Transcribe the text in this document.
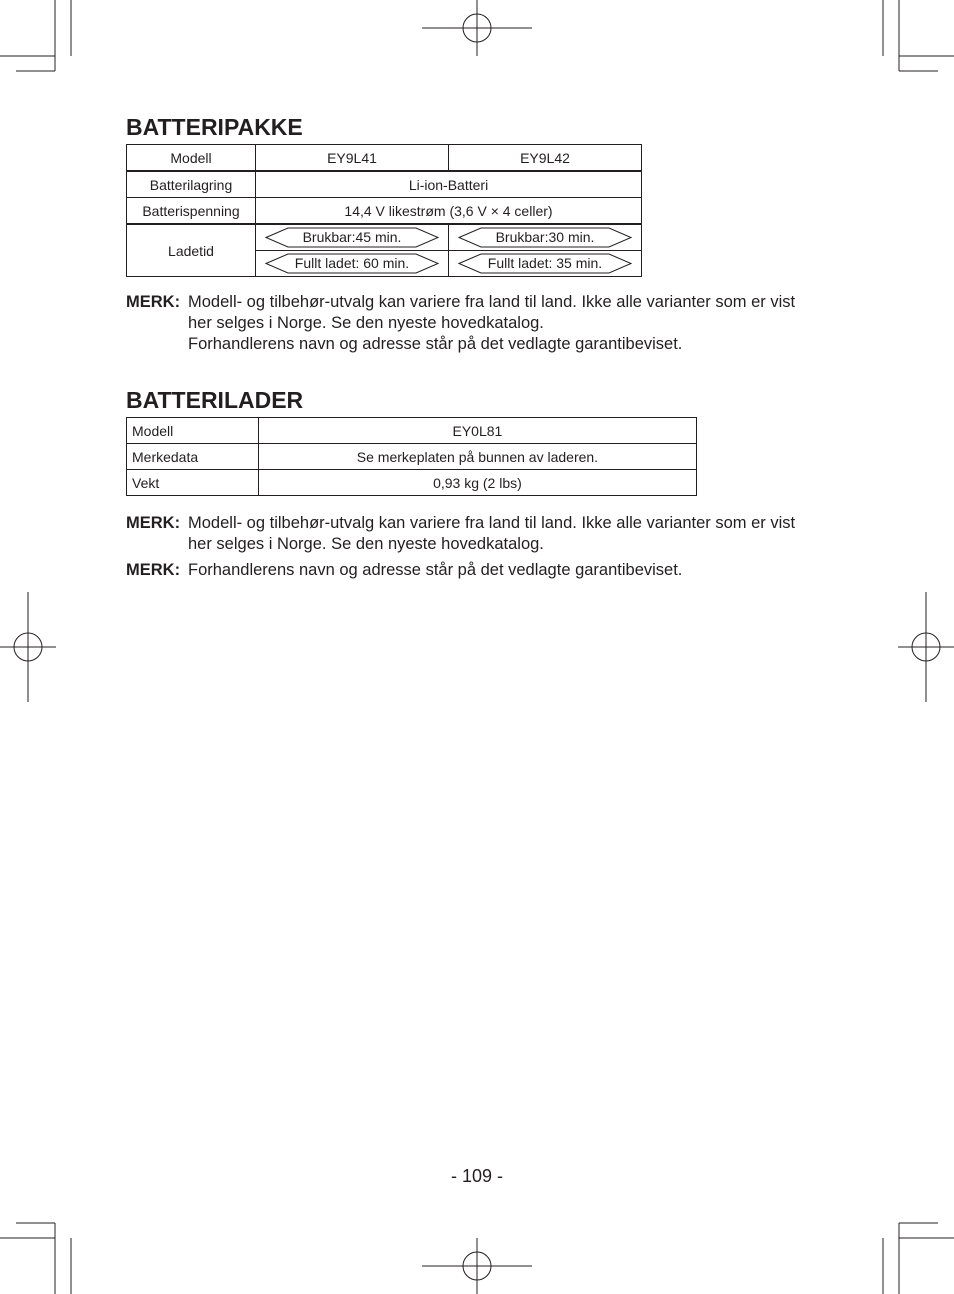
BATTERIPAKKE
Modell	EY9L41	EY9L42
Batterilagring	Li-ion-Batteri	
Batterispenning	14,4 V likestrøm (3,6 V × 4 celler)	
Ladetid	Brukbar:45 min.	Brukbar:30 min.

Fullt ladet: 60 min.	Fullt ladet: 35 min.
MERK: Modell- og tilbehør-utvalg kan variere fra land til land. Ikke alle varianter som er vist
her selges i Norge. Se den nyeste hovedkatalog.
Forhandlerens navn og adresse står på det vedlagte garantibeviset.
BATTERILADER
Modell	EY0L81
Merkedata	Se merkeplaten på bunnen av laderen.
Vekt	0,93 kg (2 lbs)
MERK: Modell- og tilbehør-utvalg kan variere fra land til land. Ikke alle varianter som er vist
her selges i Norge. Se den nyeste hovedkatalog.
MERK: Forhandlerens navn og adresse står på det vedlagte garantibeviset.
- 109 -
